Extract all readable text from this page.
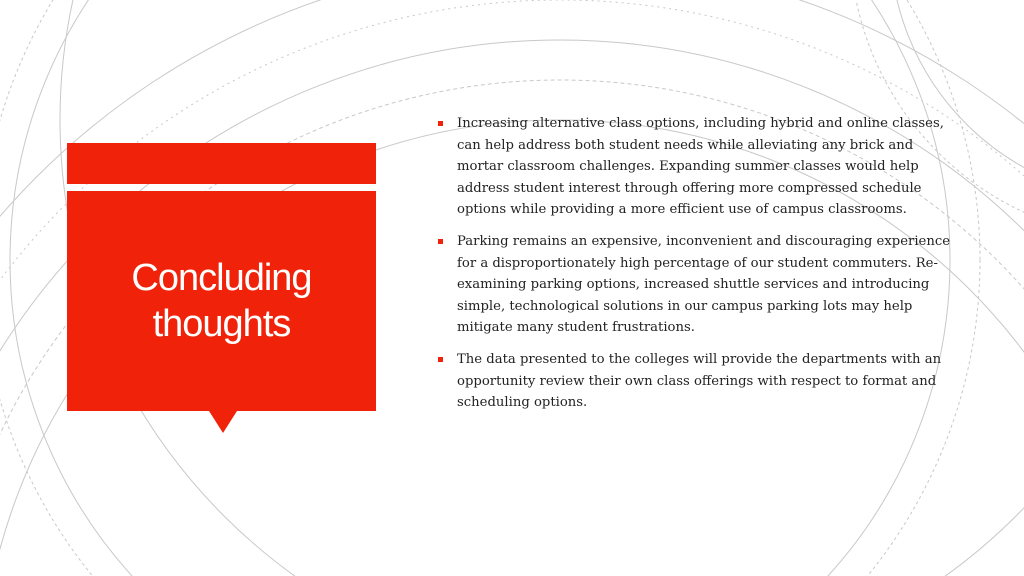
Concluding thoughts
Increasing alternative class options, including hybrid and online classes, can help address both student needs while alleviating any brick and mortar classroom challenges. Expanding summer classes would help address student interest through offering more compressed schedule options while providing a more efficient use of campus classrooms.
Parking remains an expensive, inconvenient and discouraging experience for a disproportionately high percentage of our student commuters. Re-examining parking options, increased shuttle services and introducing simple, technological solutions in our campus parking lots may help mitigate many student frustrations.
The data presented to the colleges will provide the departments with an opportunity review their own class offerings with respect to format and scheduling options.
